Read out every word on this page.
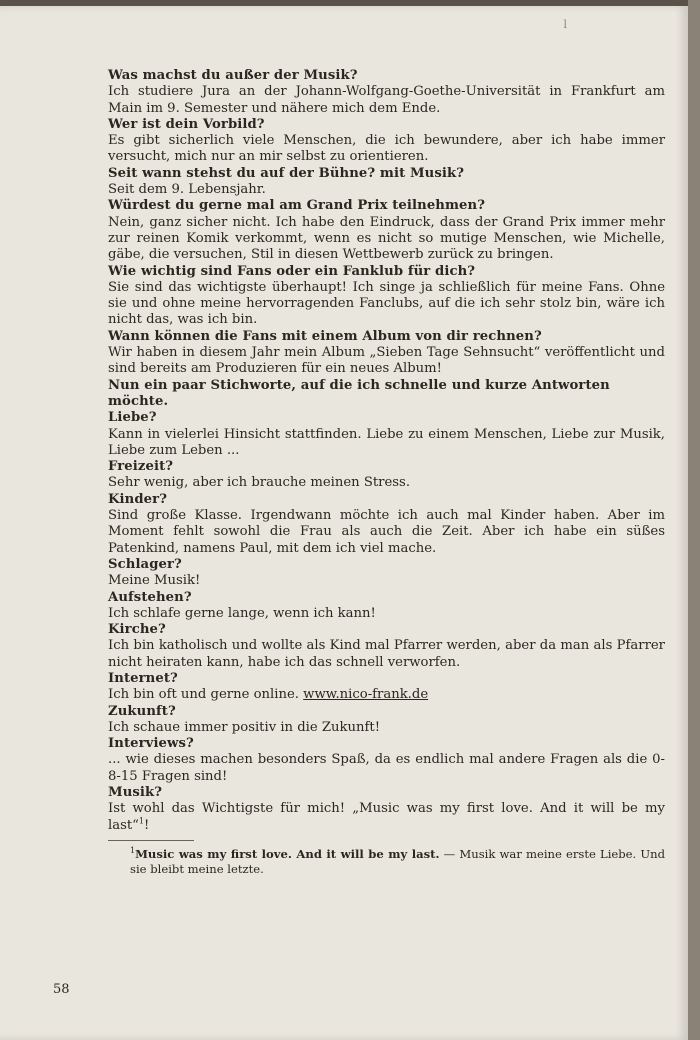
l
Was machst du außer der Musik?
Ich studiere Jura an der Johann-Wolfgang-Goethe-Universität in Frankfurt am Main im 9. Semester und nähere mich dem Ende.
Wer ist dein Vorbild?
Es gibt sicherlich viele Menschen, die ich bewundere, aber ich habe immer versucht, mich nur an mir selbst zu orientieren.
Seit wann stehst du auf der Bühne? mit Musik?
Seit dem 9. Lebensjahr.
Würdest du gerne mal am Grand Prix teilnehmen?
Nein, ganz sicher nicht. Ich habe den Eindruck, dass der Grand Prix immer mehr zur reinen Komik verkommt, wenn es nicht so mutige Menschen, wie Michelle, gäbe, die versuchen, Stil in diesen Wettbewerb zurück zu bringen.
Wie wichtig sind Fans oder ein Fanklub für dich?
Sie sind das wichtigste überhaupt! Ich singe ja schließlich für meine Fans. Ohne sie und ohne meine hervorragenden Fanclubs, auf die ich sehr stolz bin, wäre ich nicht das, was ich bin.
Wann können die Fans mit einem Album von dir rechnen?
Wir haben in diesem Jahr mein Album „Sieben Tage Sehnsucht“ veröffentlicht und sind bereits am Produzieren für ein neues Album!
Nun ein paar Stichworte, auf die ich schnelle und kurze Antworten möchte.
Liebe?
Kann in vielerlei Hinsicht stattfinden. Liebe zu einem Menschen, Liebe zur Musik, Liebe zum Leben ...
Freizeit?
Sehr wenig, aber ich brauche meinen Stress.
Kinder?
Sind große Klasse. Irgendwann möchte ich auch mal Kinder haben. Aber im Moment fehlt sowohl die Frau als auch die Zeit. Aber ich habe ein süßes Patenkind, namens Paul, mit dem ich viel mache.
Schlager?
Meine Musik!
Aufstehen?
Ich schlafe gerne lange, wenn ich kann!
Kirche?
Ich bin katholisch und wollte als Kind mal Pfarrer werden, aber da man als Pfarrer nicht heiraten kann, habe ich das schnell verworfen.
Internet?
Ich bin oft und gerne online. www.nico-frank.de
Zukunft?
Ich schaue immer positiv in die Zukunft!
Interviews?
... wie dieses machen besonders Spaß, da es endlich mal andere Fragen als die 0-8-15 Fragen sind!
Musik?
Ist wohl das Wichtigste für mich! „Music was my first love. And it will be my last“$^1$!
$^1$Music was my first love. And it will be my last. — Musik war meine erste Liebe. Und sie bleibt meine letzte.
58
